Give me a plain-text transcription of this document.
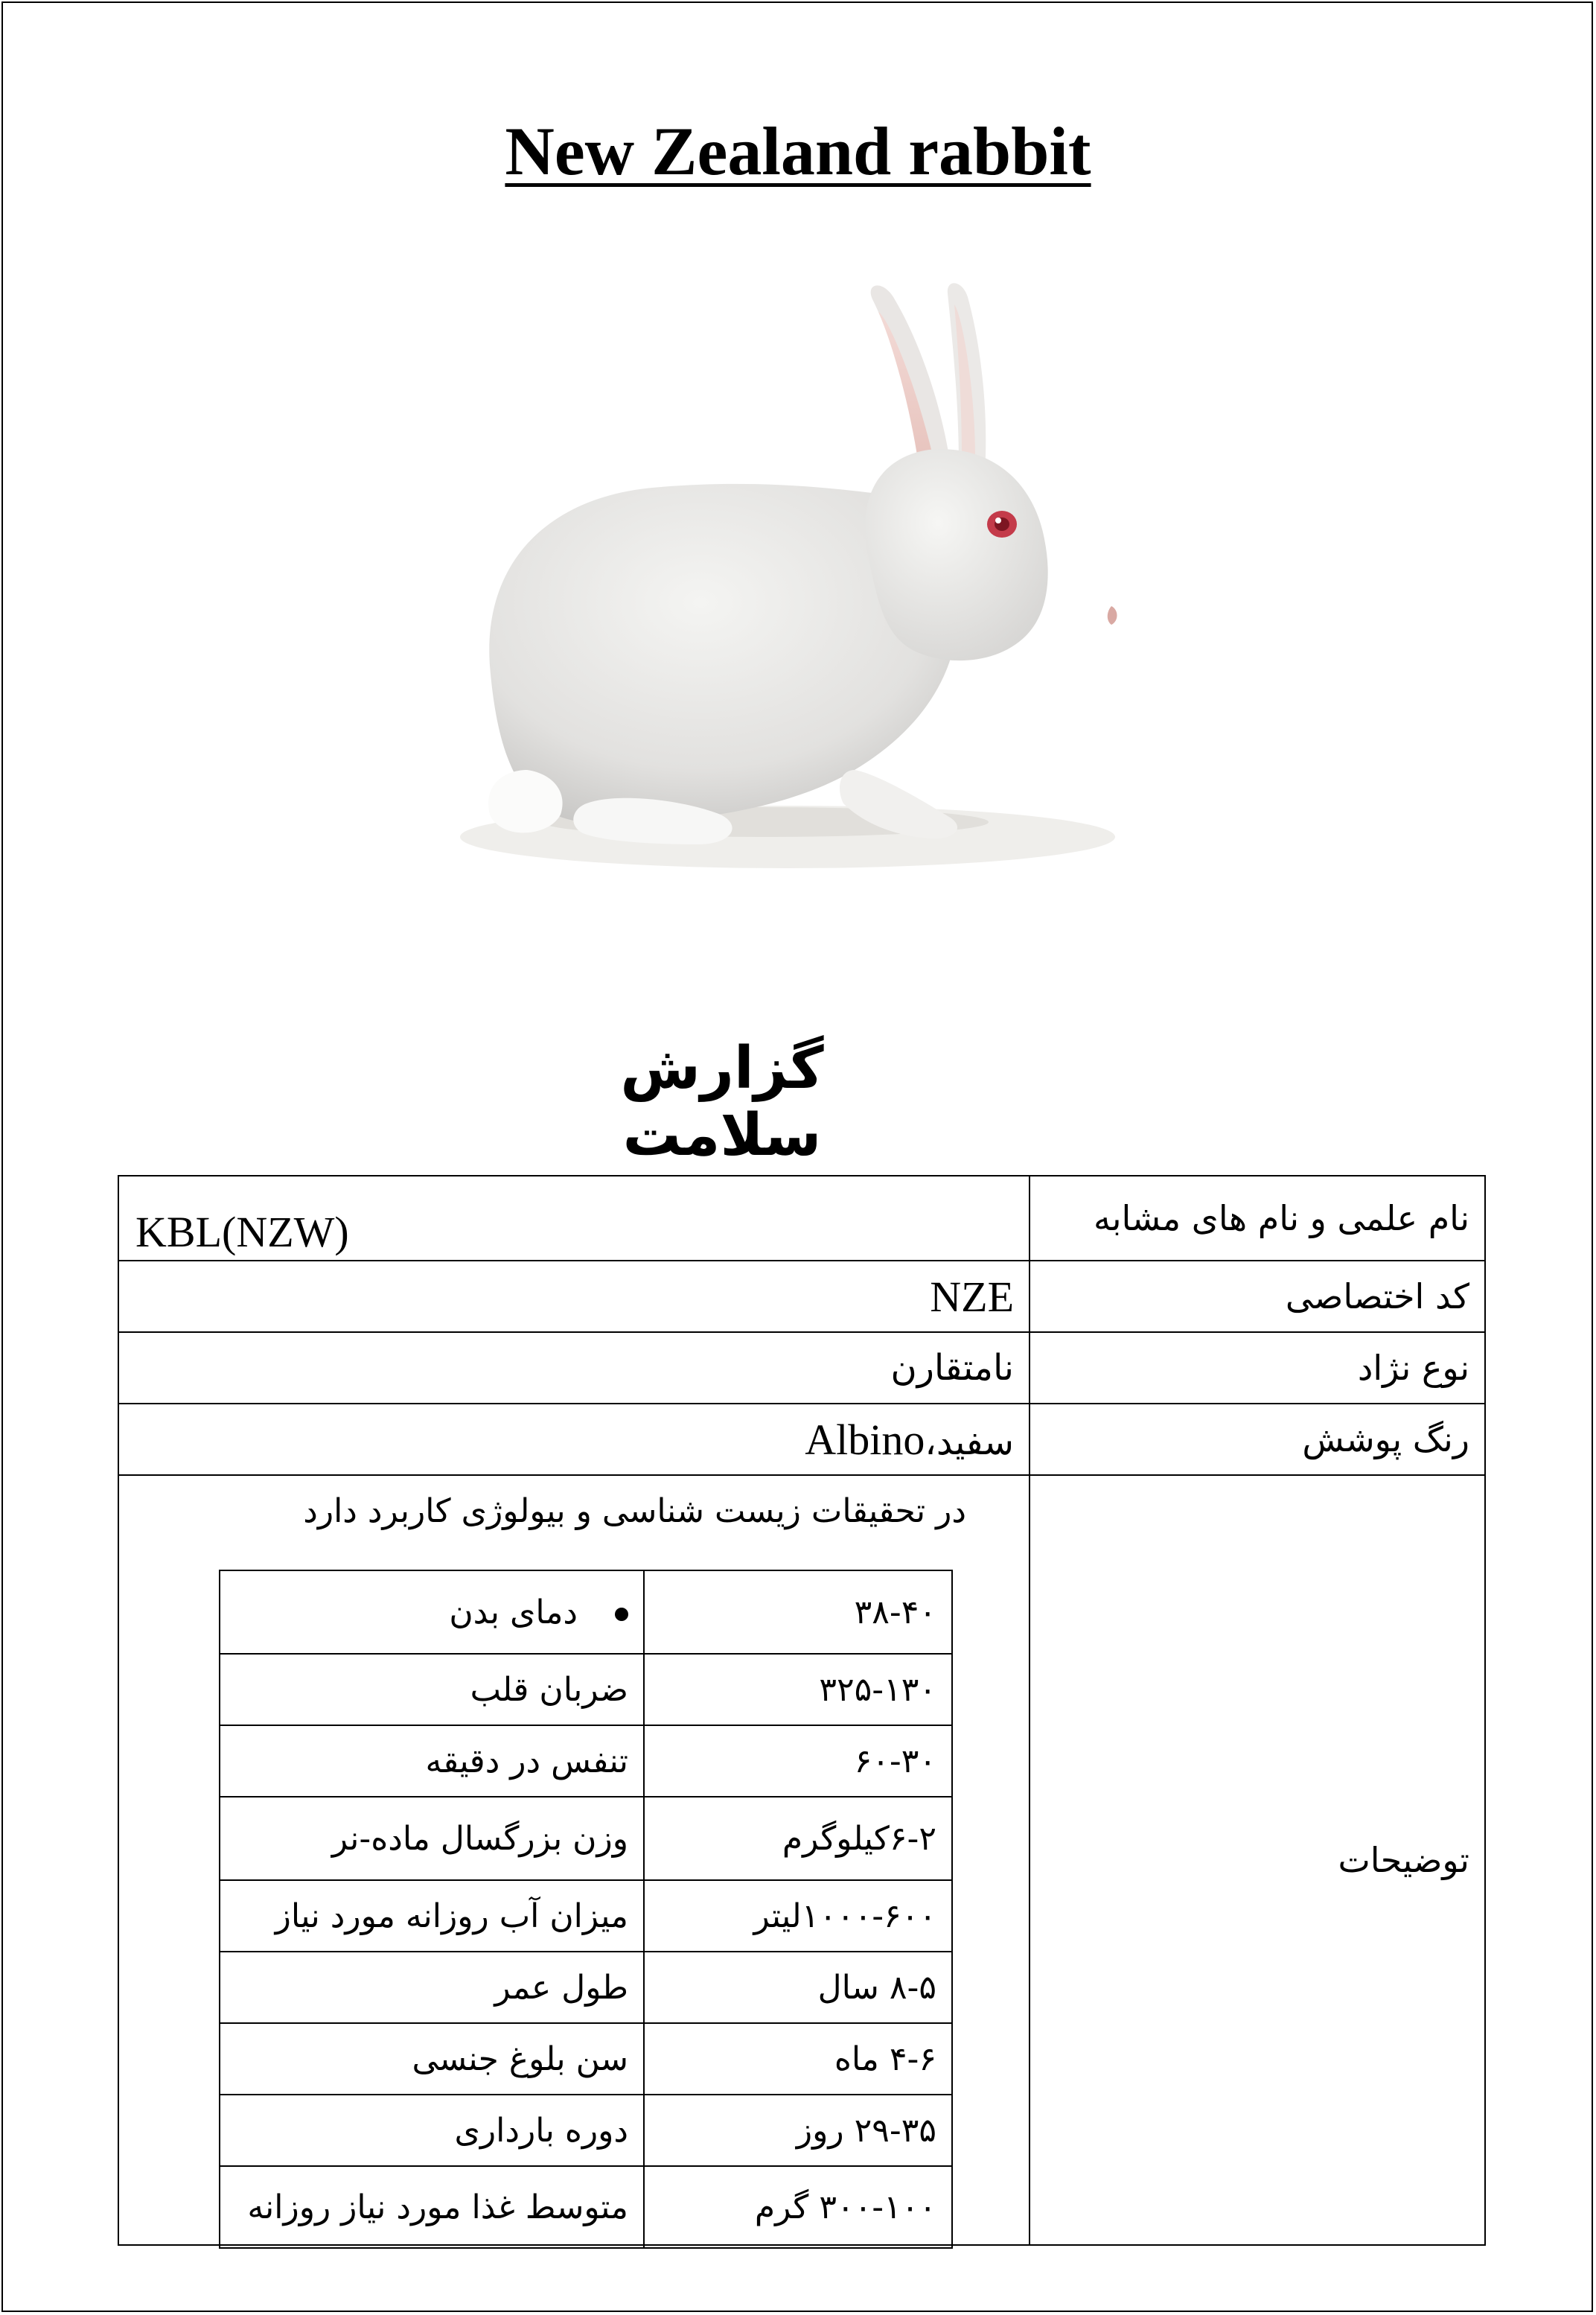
New Zealand rabbit
گزارش سلامت
KBL(NZW)	نام علمی و نام های مشابه
NZE	کد اختصاصی
نامتقارن	نوع نژاد
سفید،Albino	رنگ پوشش

در تحقیقات زیست شناسی و بیولوژی کاربرد دارد
دمای بدن	۳۸-۴۰
ضربان قلب	۳۲۵-۱۳۰
تنفس در دقیقه	۶۰-۳۰
وزن بزرگسال ماده-نر	۶-۲کیلوگرم
میزان آب روزانه مورد نیاز	۱۰۰۰-۶۰۰لیتر
طول عمر	۸-۵ سال
سن بلوغ جنسی	۴-۶ ماه
دوره بارداری	۲۹-۳۵ روز
متوسط غذا مورد نیاز روزانه	۳۰۰-۱۰۰ گرم
	توضیحات
